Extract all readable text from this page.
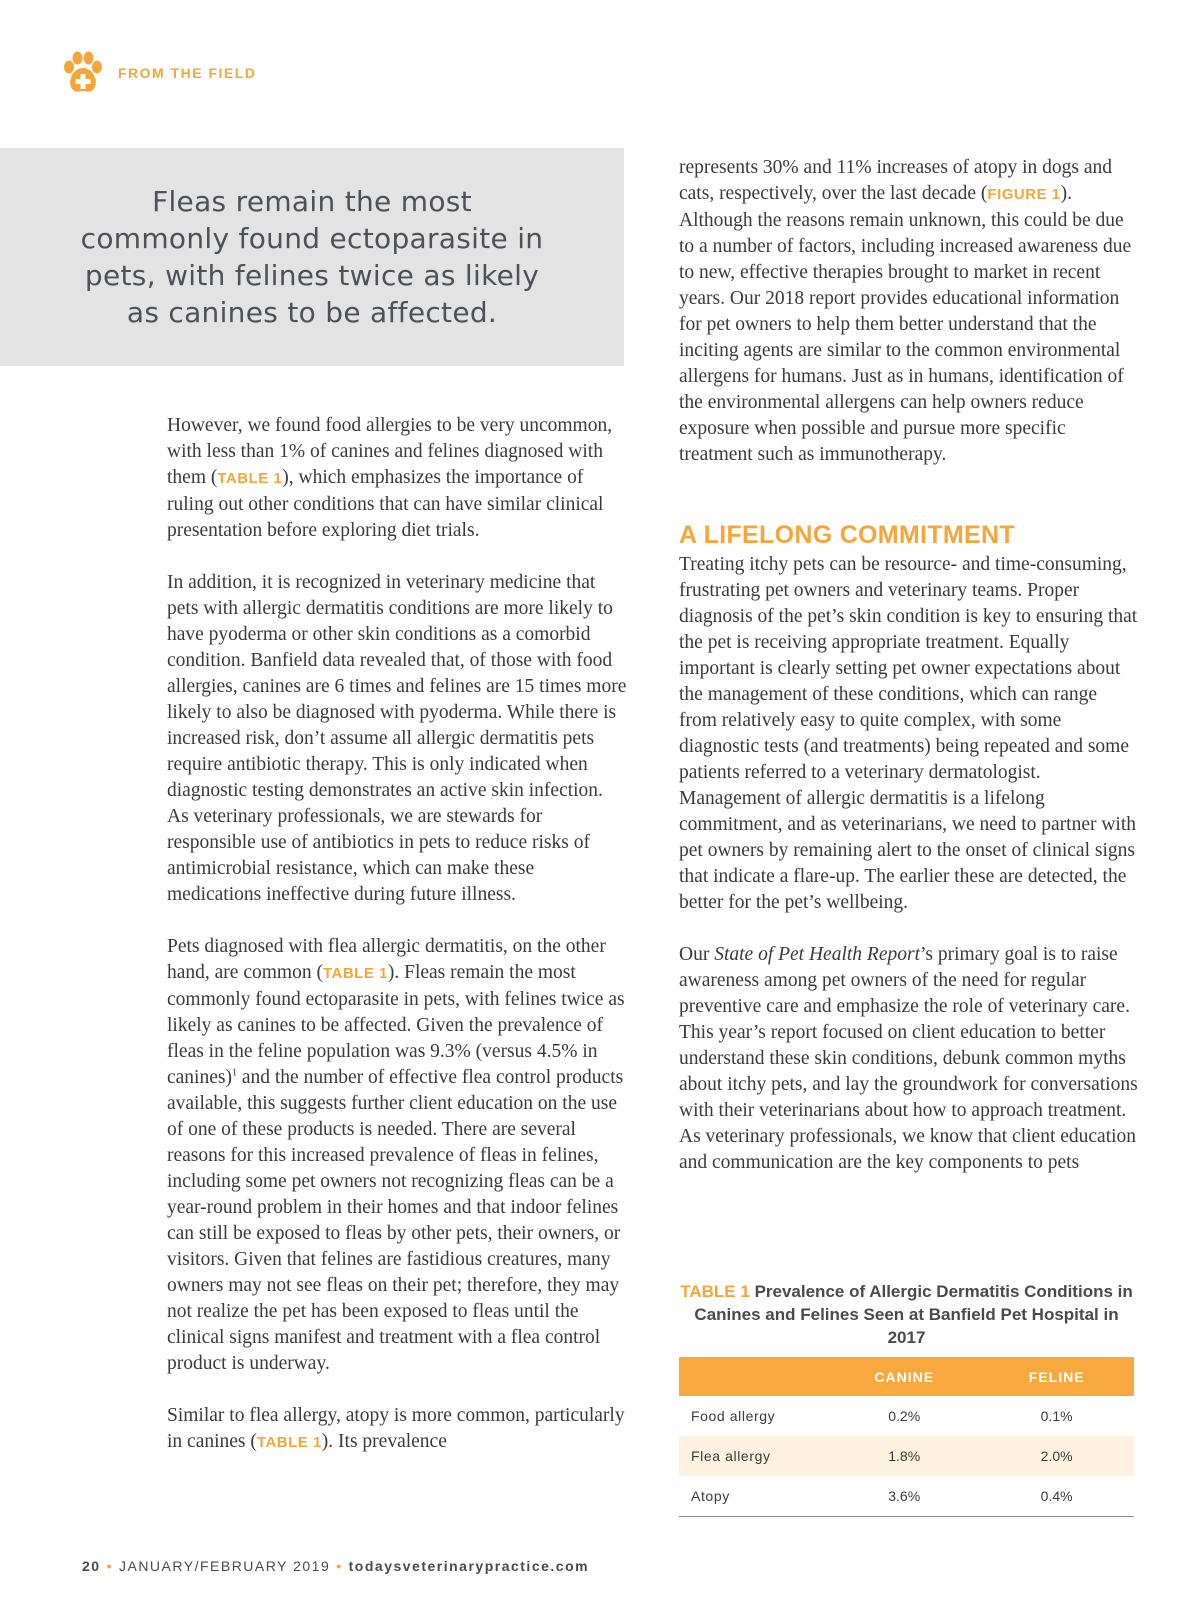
FROM THE FIELD

Fleas remain the most commonly found ectoparasite in pets, with felines twice as likely as canines to be affected.

However, we found food allergies to be very uncommon, with less than 1% of canines and felines diagnosed with them (TABLE 1), which emphasizes the importance of ruling out other conditions that can have similar clinical presentation before exploring diet trials.

In addition, it is recognized in veterinary medicine that pets with allergic dermatitis conditions are more likely to have pyoderma or other skin conditions as a comorbid condition. Banfield data revealed that, of those with food allergies, canines are 6 times and felines are 15 times more likely to also be diagnosed with pyoderma. While there is increased risk, don’t assume all allergic dermatitis pets require antibiotic therapy. This is only indicated when diagnostic testing demonstrates an active skin infection. As veterinary professionals, we are stewards for responsible use of antibiotics in pets to reduce risks of antimicrobial resistance, which can make these medications ineffective during future illness.

Pets diagnosed with flea allergic dermatitis, on the other hand, are common (TABLE 1). Fleas remain the most commonly found ectoparasite in pets, with felines twice as likely as canines to be affected. Given the prevalence of fleas in the feline population was 9.3% (versus 4.5% in canines)$^1$ and the number of effective flea control products available, this suggests further client education on the use of one of these products is needed. There are several reasons for this increased prevalence of fleas in felines, including some pet owners not recognizing fleas can be a year-round problem in their homes and that indoor felines can still be exposed to fleas by other pets, their owners, or visitors. Given that felines are fastidious creatures, many owners may not see fleas on their pet; therefore, they may not realize the pet has been exposed to fleas until the clinical signs manifest and treatment with a flea control product is underway.

Similar to flea allergy, atopy is more common, particularly in canines (TABLE 1). Its prevalence

represents 30% and 11% increases of atopy in dogs and cats, respectively, over the last decade (FIGURE 1). Although the reasons remain unknown, this could be due to a number of factors, including increased awareness due to new, effective therapies brought to market in recent years. Our 2018 report provides educational information for pet owners to help them better understand that the inciting agents are similar to the common environmental allergens for humans. Just as in humans, identification of the environmental allergens can help owners reduce exposure when possible and pursue more specific treatment such as immunotherapy.

A LIFELONG COMMITMENT

Treating itchy pets can be resource- and time-consuming, frustrating pet owners and veterinary teams. Proper diagnosis of the pet’s skin condition is key to ensuring that the pet is receiving appropriate treatment. Equally important is clearly setting pet owner expectations about the management of these conditions, which can range from relatively easy to quite complex, with some diagnostic tests (and treatments) being repeated and some patients referred to a veterinary dermatologist. Management of allergic dermatitis is a lifelong commitment, and as veterinarians, we need to partner with pet owners by remaining alert to the onset of clinical signs that indicate a flare-up. The earlier these are detected, the better for the pet’s wellbeing.

Our State of Pet Health Report’s primary goal is to raise awareness among pet owners of the need for regular preventive care and emphasize the role of veterinary care. This year’s report focused on client education to better understand these skin conditions, debunk common myths about itchy pets, and lay the groundwork for conversations with their veterinarians about how to approach treatment. As veterinary professionals, we know that client education and communication are the key components to pets

TABLE 1 Prevalence of Allergic Dermatitis Conditions in Canines and Felines Seen at Banfield Pet Hospital in 2017
	CANINE	FELINE
Food allergy	0.2%	0.1%
Flea allergy	1.8%	2.0%
Atopy	3.6%	0.4%
20 • JANUARY/FEBRUARY 2019 • todaysveterinarypractice.com
